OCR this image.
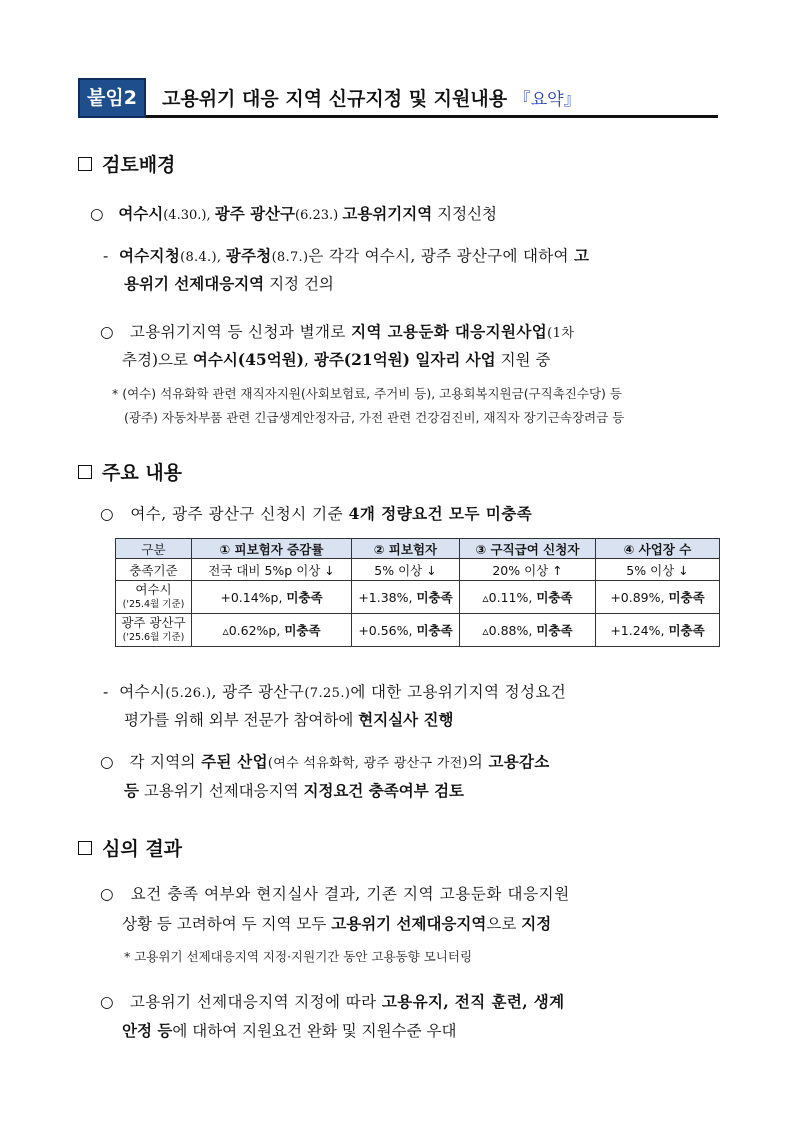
붙임2	고용위기 대응 지역 신규지정 및 지원내용 『요약』
검토배경
○ 여수시(4.30.), 광주 광산구(6.23.) 고용위기지역 지정신청
- 여수지청(8.4.), 광주청(8.7.)은 각각 여수시, 광주 광산구에 대하여 고
용위기 선제대응지역 지정 건의
○ 고용위기지역 등 신청과 별개로 지역 고용둔화 대응지원사업(1차
추경)으로 여수시(45억원), 광주(21억원) 일자리 사업 지원 중
* (여수) 석유화학 관련 재직자지원(사회보험료, 주거비 등), 고용회복지원금(구직촉진수당) 등
(광주) 자동차부품 관련 긴급생계안정자금, 가전 관련 건강검진비, 재직자 장기근속장려금 등
주요 내용
○ 여수, 광주 광산구 신청시 기준 4개 정량요건 모두 미충족
구분	① 피보험자 증감률	② 피보험자	③ 구직급여 신청자	④ 사업장 수
충족기준	전국 대비 5%p 이상 ↓	5% 이상 ↓	20% 이상 ↑	5% 이상 ↓
여수시
('25.4월 기준)	+0.14%p, 미충족	+1.38%, 미충족	▵0.11%, 미충족	+0.89%, 미충족
광주 광산구
('25.6월 기준)	▵0.62%p, 미충족	+0.56%, 미충족	▵0.88%, 미충족	+1.24%, 미충족
- 여수시(5.26.), 광주 광산구(7.25.)에 대한 고용위기지역 정성요건
평가를 위해 외부 전문가 참여하에 현지실사 진행
○ 각 지역의 주된 산업(여수 석유화학, 광주 광산구 가전)의 고용감소
등 고용위기 선제대응지역 지정요건 충족여부 검토
심의 결과
○ 요건 충족 여부와 현지실사 결과, 기존 지역 고용둔화 대응지원
상황 등 고려하여 두 지역 모두 고용위기 선제대응지역으로 지정
* 고용위기 선제대응지역 지정·지원기간 동안 고용동향 모니터링
○ 고용위기 선제대응지역 지정에 따라 고용유지, 전직 훈련, 생계
안정 등에 대하여 지원요건 완화 및 지원수준 우대
